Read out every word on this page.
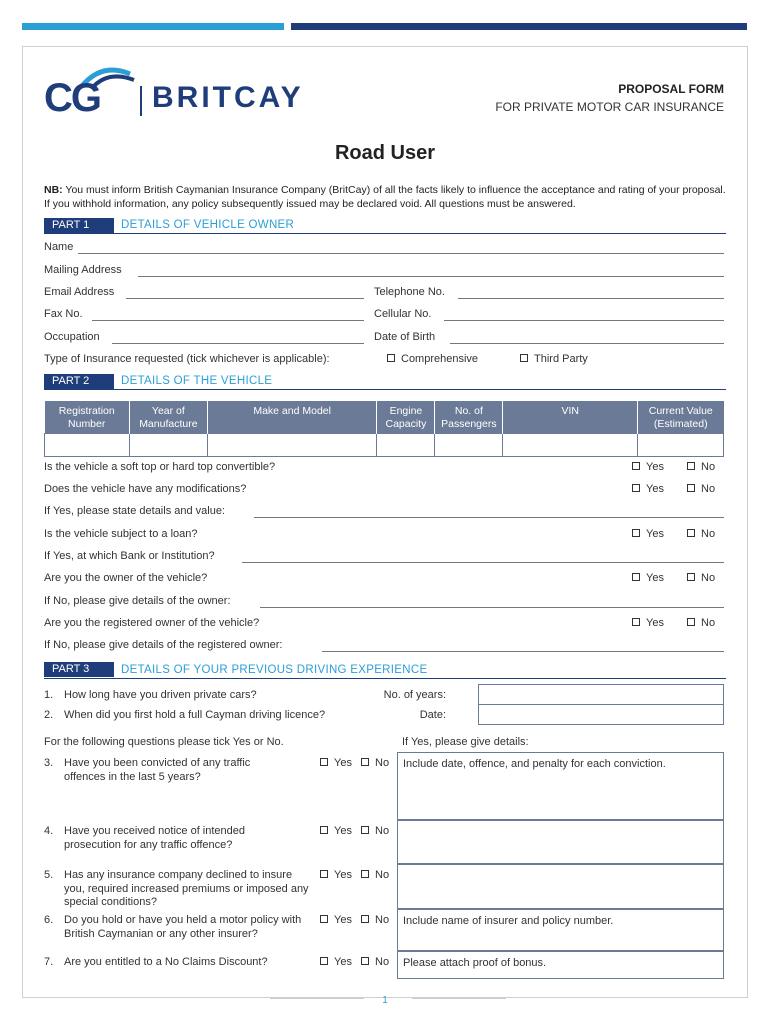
CG BRITCAY	PROPOSAL FORM
FOR PRIVATE MOTOR CAR INSURANCE
Road User
NB: You must inform British Caymanian Insurance Company (BritCay) of all the facts likely to influence the acceptance and rating of your proposal. If you withhold information, any policy subsequently issued may be declared void. All questions must be answered.
PART 1	DETAILS OF VEHICLE OWNER
Name
Mailing Address
Email Address	Telephone No.
Fax No.	Cellular No.
Occupation	Date of Birth
Type of Insurance requested (tick whichever is applicable):	Comprehensive	Third Party
PART 2	DETAILS OF THE VEHICLE
Registration Number	Year of Manufacture	Make and Model	Engine Capacity	No. of Passengers	VIN	Current Value (Estimated)

Is the vehicle a soft top or hard top convertible?	Yes	No
Does the vehicle have any modifications?	Yes	No
If Yes, please state details and value:
Is the vehicle subject to a loan?	Yes	No
If Yes, at which Bank or Institution?
Are you the owner of the vehicle?	Yes	No
If No, please give details of the owner:
Are you the registered owner of the vehicle?	Yes	No
If No, please give details of the registered owner:
PART 3	DETAILS OF YOUR PREVIOUS DRIVING EXPERIENCE
1. How long have you driven private cars?	No. of years:
2. When did you first hold a full Cayman driving licence?	Date:
For the following questions please tick Yes or No.	If Yes, please give details:
3. Have you been convicted of any traffic offences in the last 5 years?
Yes	No	Include date, offence, and penalty for each conviction.
4. Have you received notice of intended prosecution for any traffic offence?
Yes	No
5. Has any insurance company declined to insure you, required increased premiums or imposed any special conditions?
Yes	No
6. Do you hold or have you held a motor policy with British Caymanian or any other insurer?
Yes	No	Include name of insurer and policy number.
7. Are you entitled to a No Claims Discount?	Yes	No	Please attach proof of bonus.
1
